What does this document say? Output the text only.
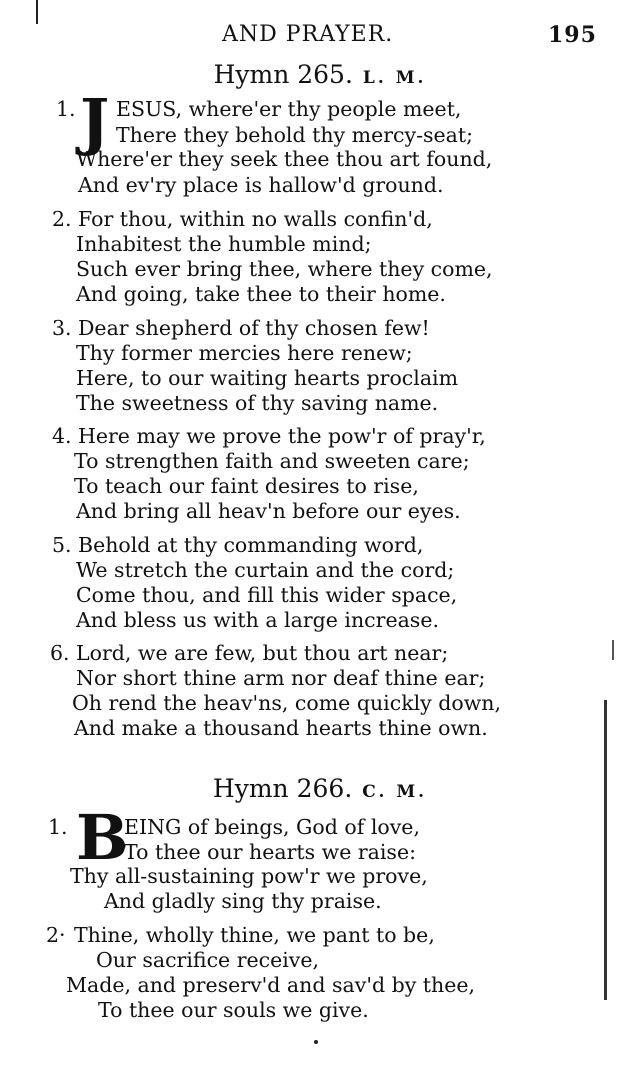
AND PRAYER.	195
Hymn 265. L. M.
1. J ESUS, where'er thy people meet,
There they behold thy mercy-seat;
Where'er they seek thee thou art found,
And ev'ry place is hallow'd ground.
2. For thou, within no walls confin'd,
Inhabitest the humble mind;
Such ever bring thee, where they come,
And going, take thee to their home.
3. Dear shepherd of thy chosen few!
Thy former mercies here renew;
Here, to our waiting hearts proclaim
The sweetness of thy saving name.
4. Here may we prove the pow'r of pray'r,
To strengthen faith and sweeten care;
To teach our faint desires to rise,
And bring all heav'n before our eyes.
5. Behold at thy commanding word,
We stretch the curtain and the cord;
Come thou, and fill this wider space,
And bless us with a large increase.
6. Lord, we are few, but thou art near;
Nor short thine arm nor deaf thine ear;
Oh rend the heav'ns, come quickly down,
And make a thousand hearts thine own.
Hymn 266. C. M.
1. B
EING of beings, God of love,
To thee our hearts we raise:
Thy all-sustaining pow'r we prove,
And gladly sing thy praise.
2· Thine, wholly thine, we pant to be,
Our sacrifice receive,
Made, and preserv'd and sav'd by thee,
To thee our souls we give.
